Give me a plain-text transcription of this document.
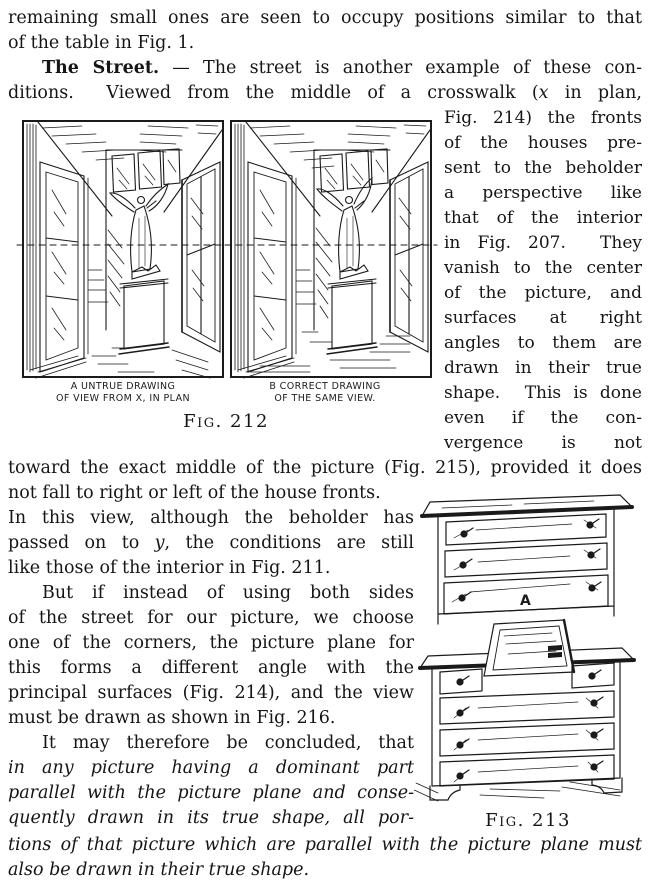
remaining small ones are seen to occupy positions similar to that
of the table in Fig. 1.
The Street. — The street is another example of these con-
ditions.  Viewed from the middle of a crosswalk (x in plan,
A UNTRUE DRAWING
OF VIEW FROM X, IN PLAN
B CORRECT DRAWING
OF THE SAME VIEW.
Fig. 212
Fig. 214) the fronts
of the houses pre-
sent to the beholder
a perspective like
that of the interior
in Fig. 207.  They
vanish to the center
of the picture, and
surfaces at right
angles to them are
drawn in their true
shape.  This is done
even if the con-
vergence is not
toward the exact middle of the picture (Fig. 215), provided it does
not fall to right or left of the house fronts.
In this view, although the beholder has
passed on to y, the conditions are still
like those of the interior in Fig. 211.
But if instead of using both sides
of the street for our picture, we choose
one of the corners, the picture plane for
this forms a different angle with the
principal surfaces (Fig. 214), and the view
must be drawn as shown in Fig. 216.
It may therefore be concluded, that
in any picture having a dominant part
parallel with the picture plane and conse-
quently drawn in its true shape, all por-
A
Fig. 213
tions of that picture which are parallel with the picture plane must
also be drawn in their true shape.
